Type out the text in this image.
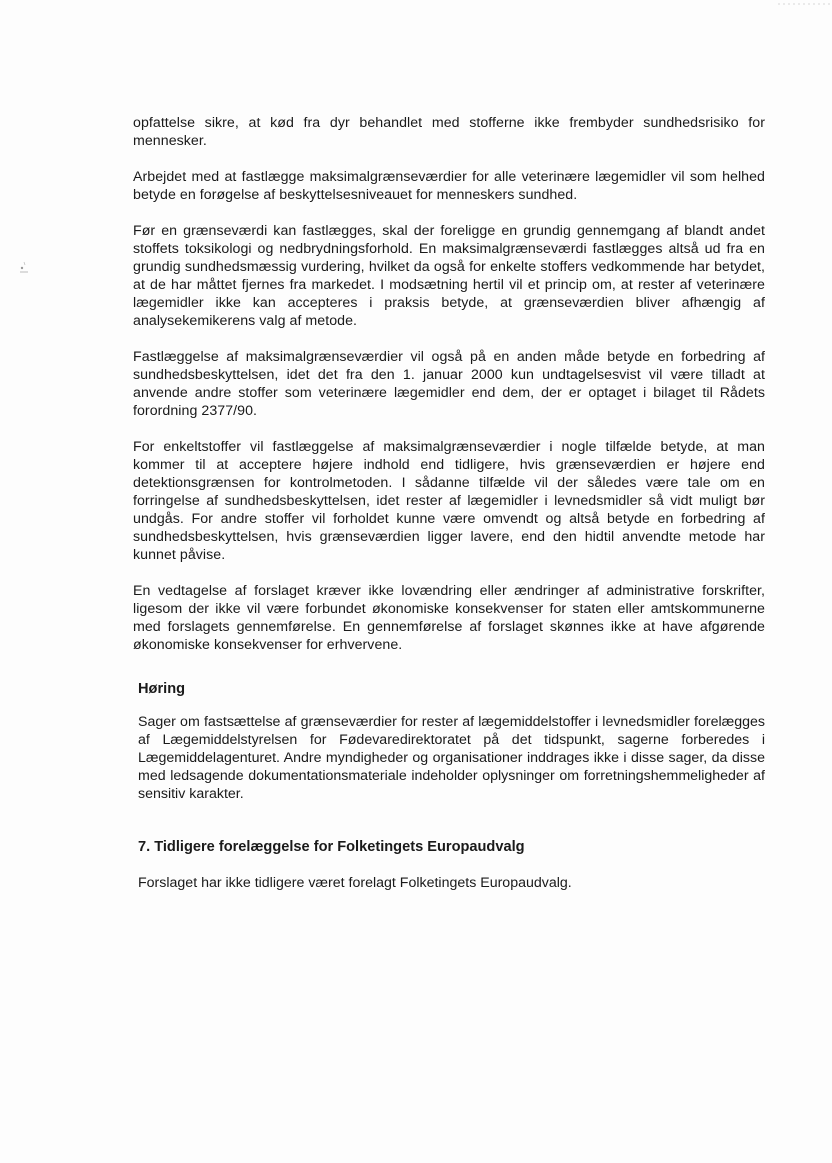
opfattelse sikre, at kød fra dyr behandlet med stofferne ikke frembyder sundhedsrisiko for mennesker.

Arbejdet med at fastlægge maksimalgrænseværdier for alle veterinære lægemidler vil som helhed betyde en forøgelse af beskyttelsesniveauet for menneskers sundhed.

Før en grænseværdi kan fastlægges, skal der foreligge en grundig gennemgang af blandt andet stoffets toksikologi og nedbrydningsforhold. En maksimalgrænseværdi fastlægges altså ud fra en grundig sundhedsmæssig vurdering, hvilket da også for enkelte stoffers vedkommende har betydet, at de har måttet fjernes fra markedet. I modsætning hertil vil et princip om, at rester af veterinære lægemidler ikke kan accepteres i praksis betyde, at grænseværdien bliver afhængig af analysekemikerens valg af metode.

Fastlæggelse af maksimalgrænseværdier vil også på en anden måde betyde en forbedring af sundhedsbeskyttelsen, idet det fra den 1. januar 2000 kun undtagelsesvist vil være tilladt at anvende andre stoffer som veterinære lægemidler end dem, der er optaget i bilaget til Rådets forordning 2377/90.

For enkeltstoffer vil fastlæggelse af maksimalgrænseværdier i nogle tilfælde betyde, at man kommer til at acceptere højere indhold end tidligere, hvis grænseværdien er højere end detektionsgrænsen for kontrolmetoden. I sådanne tilfælde vil der således være tale om en forringelse af sundhedsbeskyttelsen, idet rester af lægemidler i levnedsmidler så vidt muligt bør undgås. For andre stoffer vil forholdet kunne være omvendt og altså betyde en forbedring af sundhedsbeskyttelsen, hvis grænseværdien ligger lavere, end den hidtil anvendte metode har kunnet påvise.

En vedtagelse af forslaget kræver ikke lovændring eller ændringer af administrative forskrifter, ligesom der ikke vil være forbundet økonomiske konsekvenser for staten eller amtskommunerne med forslagets gennemførelse. En gennemførelse af forslaget skønnes ikke at have afgørende økonomiske konsekvenser for erhvervene.

Høring

Sager om fastsættelse af grænseværdier for rester af lægemiddelstoffer i levnedsmidler forelægges af Lægemiddelstyrelsen for Fødevaredirektoratet på det tidspunkt, sagerne forberedes i Lægemiddelagenturet. Andre myndigheder og organisationer inddrages ikke i disse sager, da disse med ledsagende dokumentationsmateriale indeholder oplysninger om forretningshemmeligheder af sensitiv karakter.

7. Tidligere forelæggelse for Folketingets Europaudvalg

Forslaget har ikke tidligere været forelagt Folketingets Europaudvalg.
